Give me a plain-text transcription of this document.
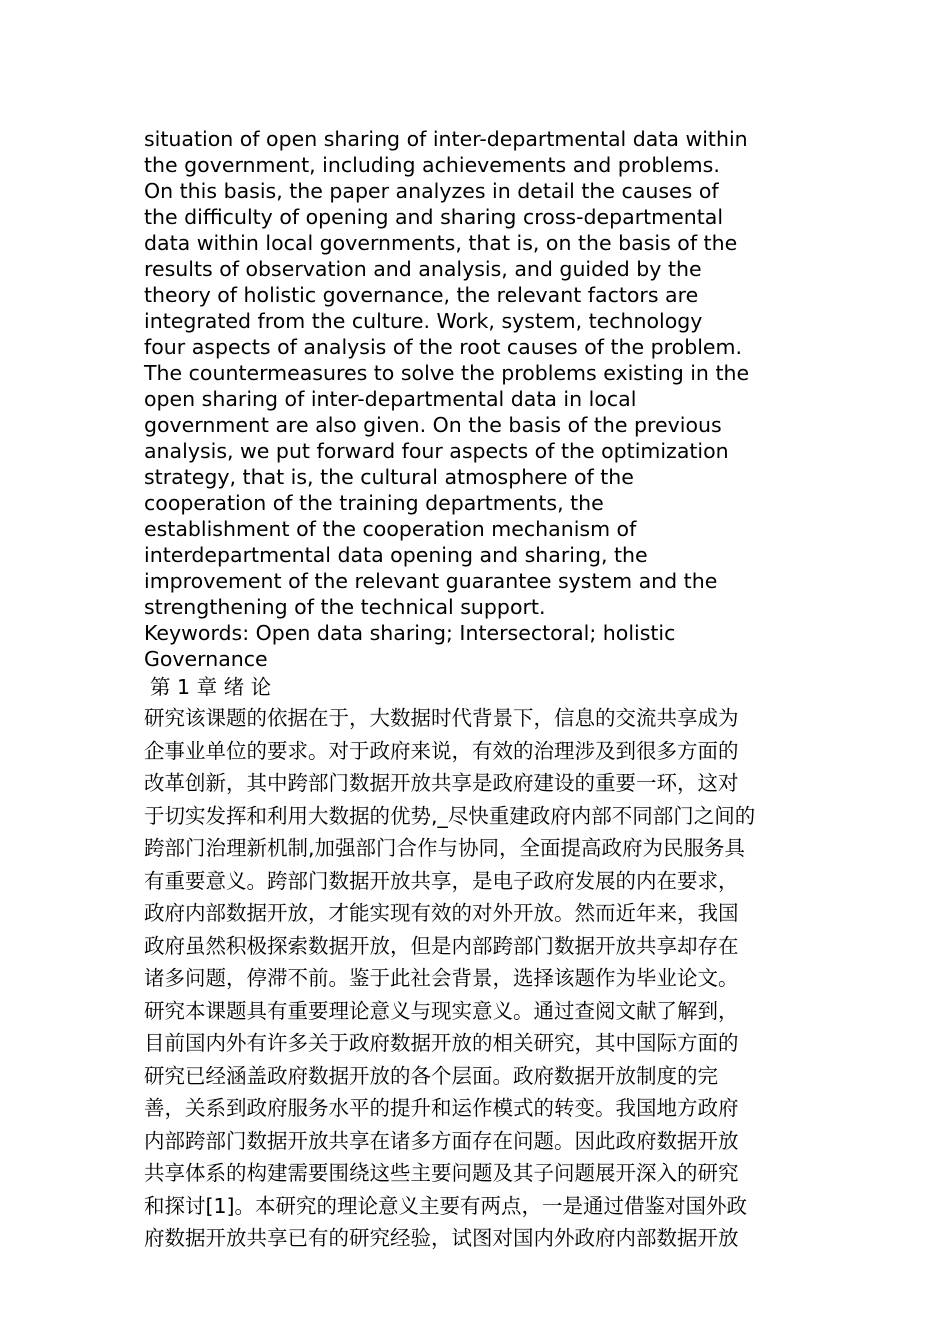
situation of open sharing of inter-departmental data within
the government, including achievements and problems.
On this basis, the paper analyzes in detail the causes of
the difficulty of opening and sharing cross-departmental
data within local governments, that is, on the basis of the
results of observation and analysis, and guided by the
theory of holistic governance, the relevant factors are
integrated from the culture. Work, system, technology
four aspects of analysis of the root causes of the problem.
The countermeasures to solve the problems existing in the
open sharing of inter-departmental data in local
government are also given. On the basis of the previous
analysis, we put forward four aspects of the optimization
strategy, that is, the cultural atmosphere of the
cooperation of the training departments, the
establishment of the cooperation mechanism of
interdepartmental data opening and sharing, the
improvement of the relevant guarantee system and the
strengthening of the technical support.
Keywords: Open data sharing; Intersectoral; holistic
Governance
第 1 章 绪 论
研究该课题的依据在于，大数据时代背景下，信息的交流共享成为
企事业单位的要求。对于政府来说，有效的治理涉及到很多方面的
改革创新，其中跨部门数据开放共享是政府建设的重要一环，这对
于切实发挥和利用大数据的优势,_尽快重建政府内部不同部门之间的
跨部门治理新机制,加强部门合作与协同，全面提高政府为民服务具
有重要意义。跨部门数据开放共享，是电子政府发展的内在要求，
政府内部数据开放，才能实现有效的对外开放。然而近年来，我国
政府虽然积极探索数据开放，但是内部跨部门数据开放共享却存在
诸多问题，停滞不前。鉴于此社会背景，选择该题作为毕业论文。
研究本课题具有重要理论意义与现实意义。通过查阅文献了解到，
目前国内外有许多关于政府数据开放的相关研究，其中国际方面的
研究已经涵盖政府数据开放的各个层面。政府数据开放制度的完
善，关系到政府服务水平的提升和运作模式的转变。我国地方政府
内部跨部门数据开放共享在诸多方面存在问题。因此政府数据开放
共享体系的构建需要围绕这些主要问题及其子问题展开深入的研究
和探讨[1]。本研究的理论意义主要有两点，一是通过借鉴对国外政
府数据开放共享已有的研究经验，试图对国内外政府内部数据开放
